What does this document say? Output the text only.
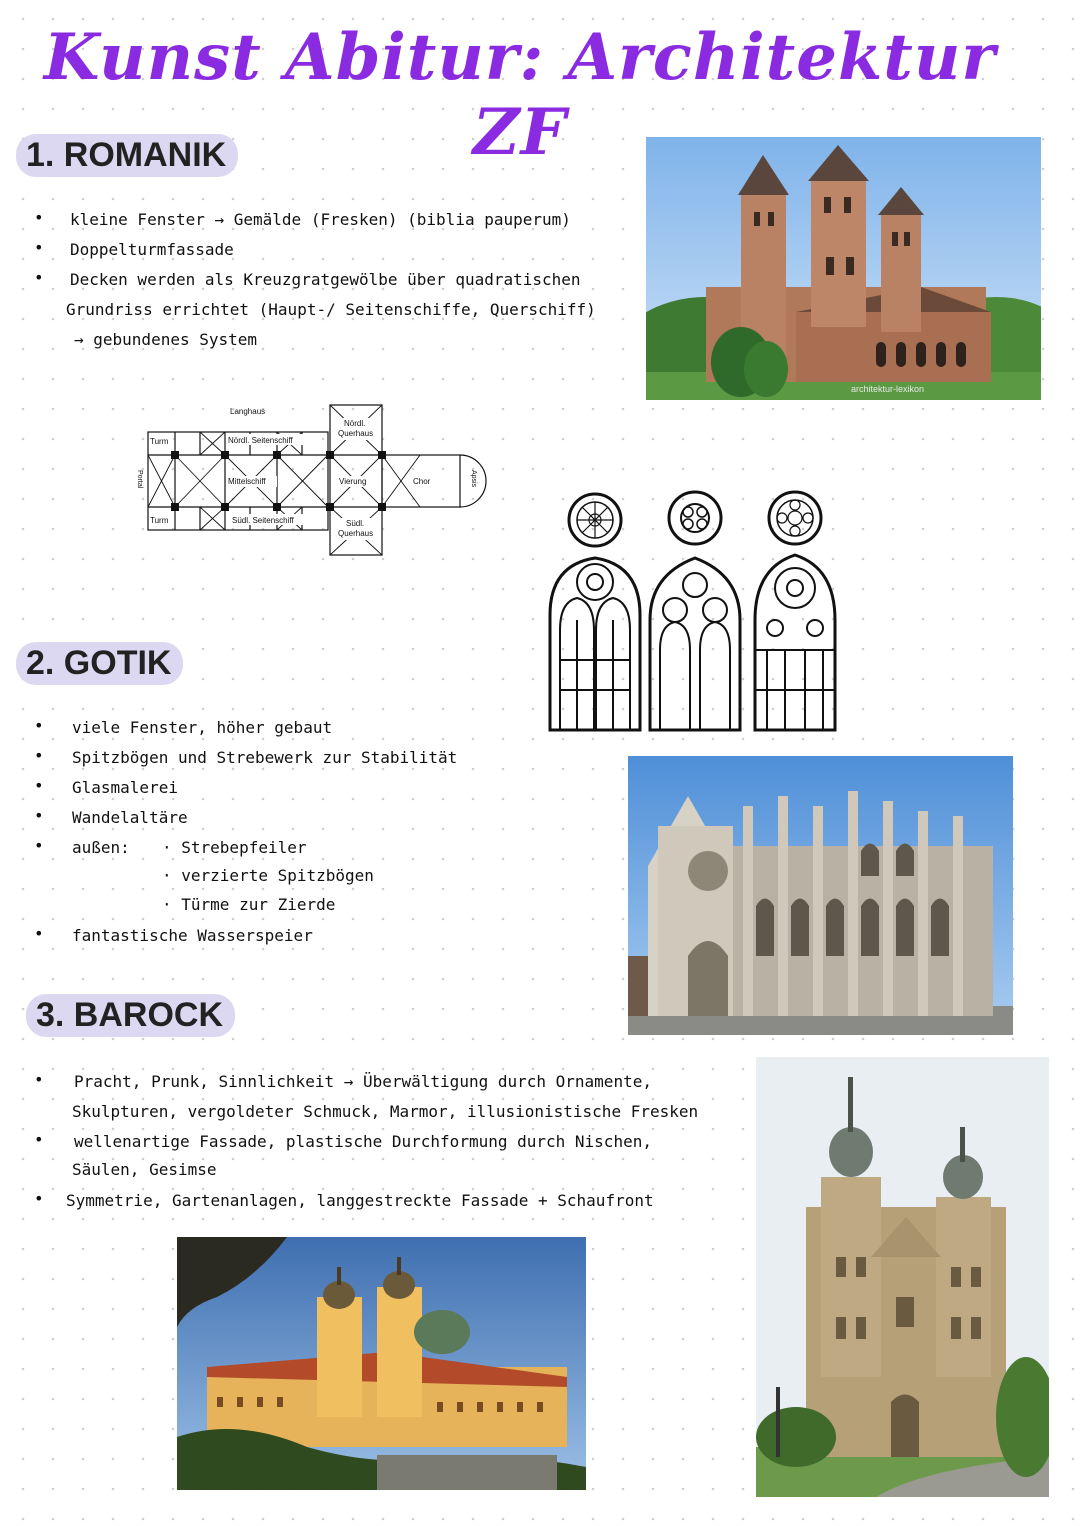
Kunst Abitur: Architektur ZF
1. ROMANIK
• kleine Fenster → Gemälde (Fresken) (biblia pauperum)
• Doppelturmfassade
• Decken werden als Kreuzgratgewölbe über quadratischen
Grundriss errichtet (Haupt-/ Seitenschiffe, Querschiff)
→ gebundenes System
architektur-lexikon
Langhaus
Turm
Turm
Nördl. Seitenschiff
Südl. Seitenschiff
Mittelschiff	Vierung	Chor
Nördl.
Querhaus
Südl.
Querhaus
Portal	Apsis
2. GOTIK
• viele Fenster, höher gebaut
• Spitzbögen und Strebewerk zur Stabilität
• Glasmalerei
• Wandelaltäre
• außen: · Strebepfeiler
· verzierte Spitzbögen
· Türme zur Zierde
• fantastische Wasserspeier
3. BAROCK
• Pracht, Prunk, Sinnlichkeit → Überwältigung durch Ornamente,
Skulpturen, vergoldeter Schmuck, Marmor, illusionistische Fresken
• wellenartige Fassade, plastische Durchformung durch Nischen,
Säulen, Gesimse
• Symmetrie, Gartenanlagen, langgestreckte Fassade + Schaufront
